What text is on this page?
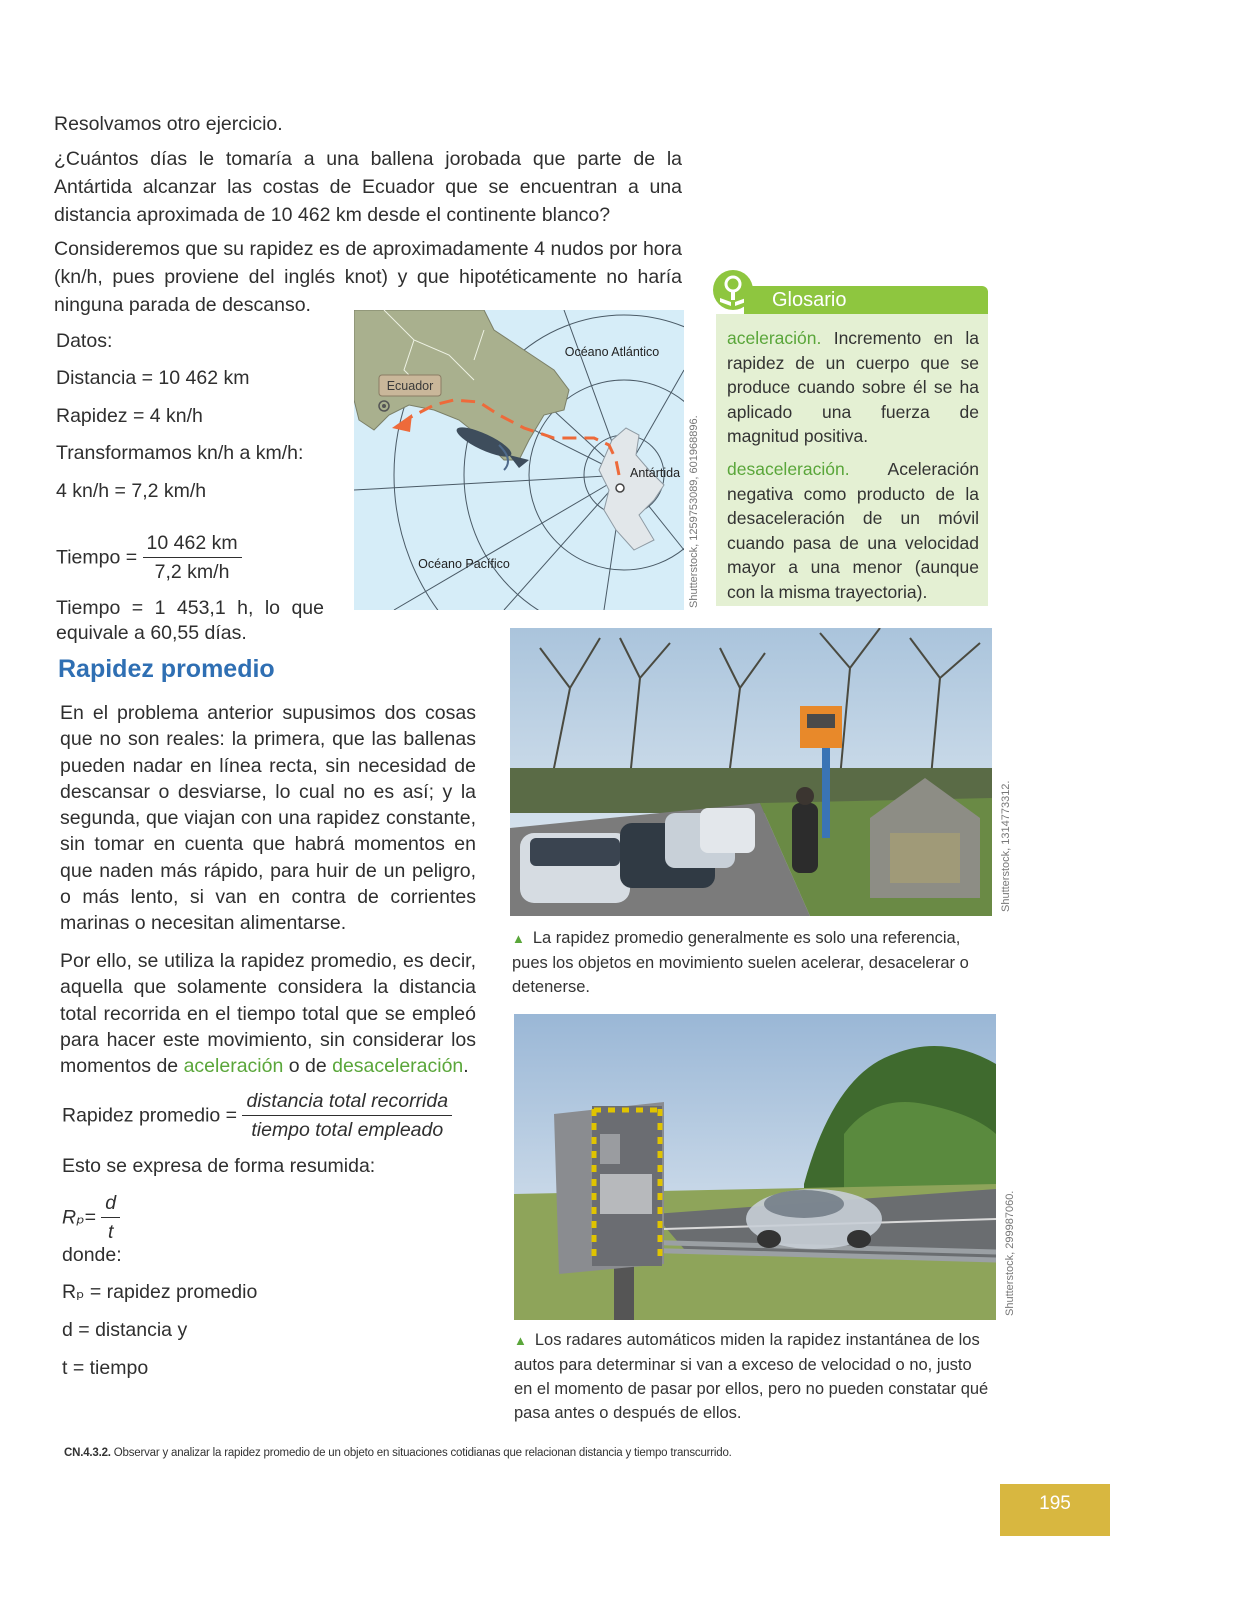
Resolvamos otro ejercicio.

¿Cuántos días le tomaría a una ballena jorobada que parte de la Antártida alcanzar las costas de Ecuador que se encuentran a una distancia aproximada de 10 462 km desde el continente blanco?

Consideremos que su rapidez es de aproximadamente 4 nudos por hora (kn/h, pues proviene del inglés knot) y que hipotéticamente no haría ninguna parada de descanso.

Datos:
Distancia = 10 462 km
Rapidez = 4 kn/h
Transformamos kn/h a km/h:
4 kn/h = 7,2 km/h
Tiempo = $\frac{10 462 km}{7,2 km/h}$
Tiempo = 1 453,1 h, lo que
equivale a 60,55 días.
Ecuador
Océano Atlántico
Antártida
Océano Pacífico	Shutterstock, 1259753089, 601968896.
Glosario

aceleración. Incremento en la rapidez de un cuerpo que se produce cuando sobre él se ha aplicado una fuerza de magnitud positiva.

desaceleración. Aceleración negativa como producto de la desaceleración de un móvil cuando pasa de una velocidad mayor a una menor (aunque con la misma trayectoria).

Rapidez promedio

En el problema anterior supusimos dos cosas que no son reales: la primera, que las ballenas pueden nadar en línea recta, sin necesidad de descansar o desviarse, lo cual no es así; y la segunda, que viajan con una rapidez constante, sin tomar en cuenta que habrá momentos en que naden más rápido, para huir de un peligro, o más lento, si van en contra de corrientes marinas o necesitan alimentarse.

Por ello, se utiliza la rapidez promedio, es decir, aquella que solamente considera la distancia total recorrida en el tiempo total que se empleó para hacer este movimiento, sin considerar los momentos de aceleración o de desaceleración.

Rapidez promedio = $\frac{\text{distancia total recorrida}}{\text{tiempo total empleado}}$
Esto se expresa de forma resumida:
$R_p= \frac{d}{t}$
donde:
Rₚ = rapidez promedio
d = distancia y
t = tiempo
Shutterstock, 1314773312.
▲ La rapidez promedio generalmente es solo una referencia, pues los objetos en movimiento suelen acelerar, desacelerar o detenerse.
Shutterstock, 299987060.
▲ Los radares automáticos miden la rapidez instantánea de los autos para determinar si van a exceso de velocidad o no, justo en el momento de pasar por ellos, pero no pueden constatar qué pasa antes o después de ellos.
CN.4.3.2. Observar y analizar la rapidez promedio de un objeto en situaciones cotidianas que relacionan distancia y tiempo transcurrido.
195
